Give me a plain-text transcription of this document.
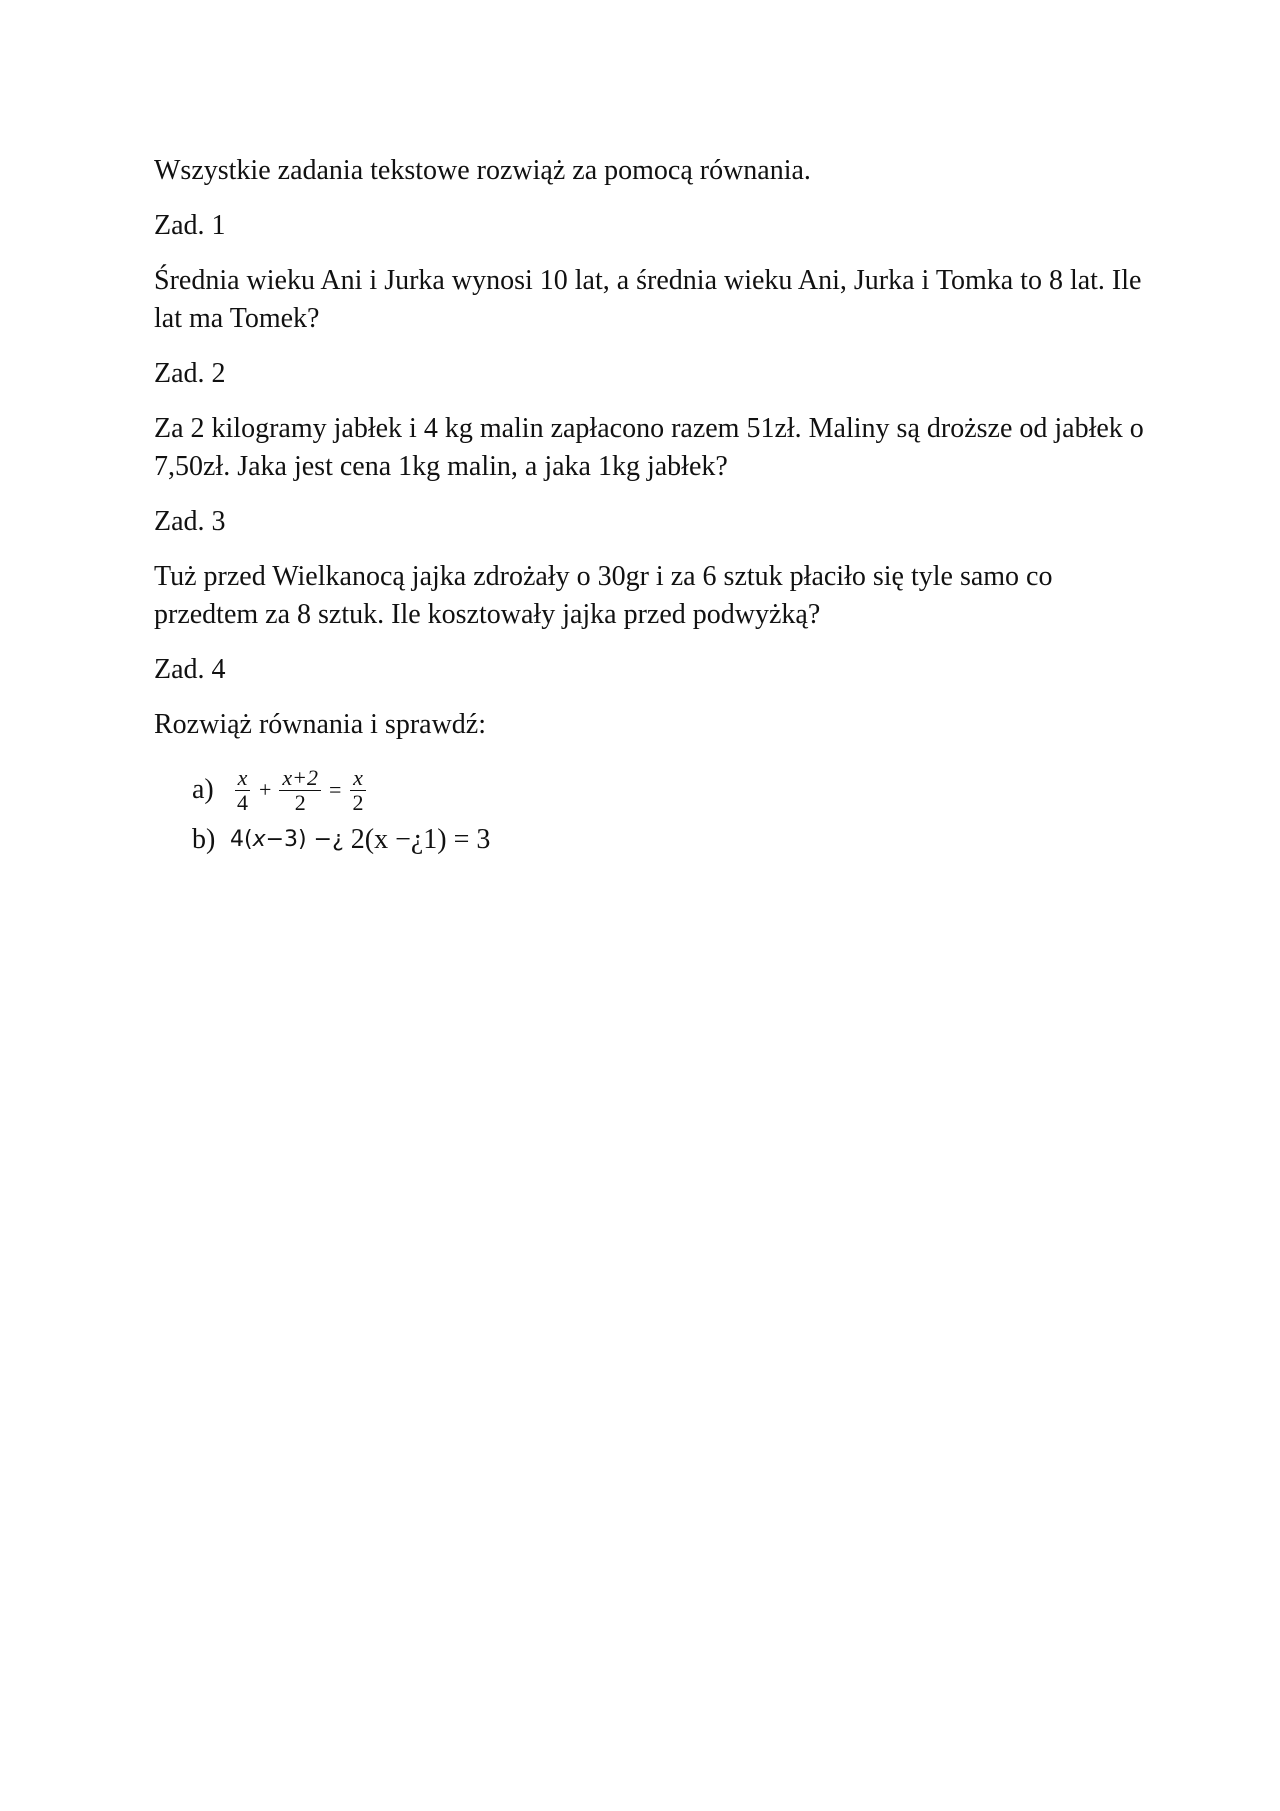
Wszystkie zadania tekstowe rozwiąż za pomocą równania.

Zad. 1

Średnia wieku Ani i Jurka wynosi 10 lat, a średnia wieku Ani, Jurka i Tomka to 8 lat. Ile lat ma Tomek?

Zad. 2

Za 2 kilogramy jabłek i 4 kg malin zapłacono razem 51zł. Maliny są droższe od jabłek o 7,50zł. Jaka jest cena 1kg malin, a jaka 1kg jabłek?

Zad. 3

Tuż przed Wielkanocą jajka zdrożały o 30gr i za 6 sztuk płaciło się tyle samo co przedtem za 8 sztuk. Ile kosztowały jajka przed podwyżką?

Zad. 4

Rozwiąż równania i sprawdź:

$a) \frac{x}{4} + \frac{x+2}{2} = \frac{x}{2}$
b) 4(x−3) −¿ 2(x −¿1) = 3
